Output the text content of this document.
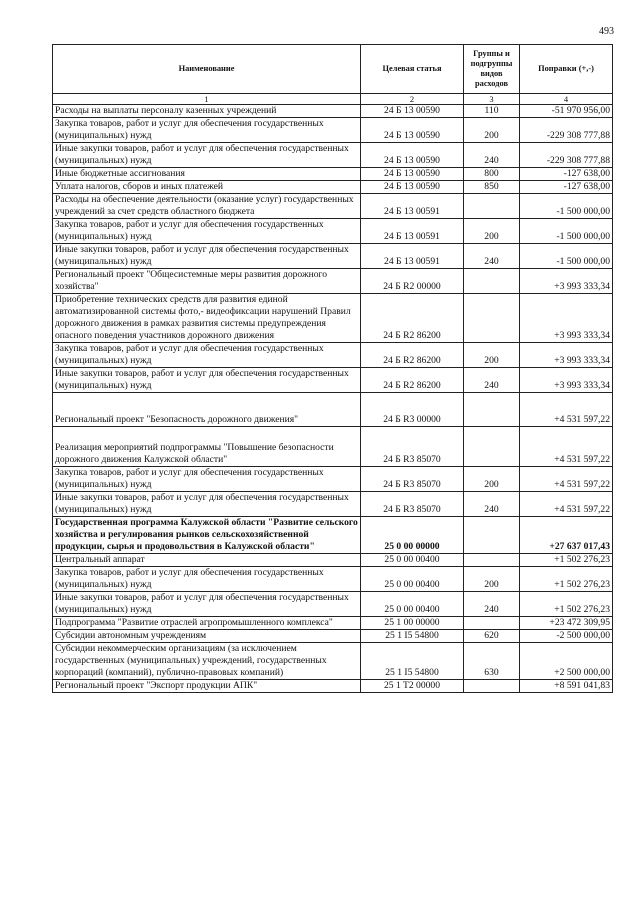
493
Наименование	Целевая статья	Группы и подгруппы видов расходов	Поправки (+,-)
1	2	3	4
Расходы на выплаты персоналу казенных учреждений	24 Б 13 00590	110	-51 970 956,00
Закупка товаров, работ и услуг для обеспечения государственных (муниципальных) нужд	24 Б 13 00590	200	-229 308 777,88
Иные закупки товаров, работ и услуг для обеспечения государственных (муниципальных) нужд	24 Б 13 00590	240	-229 308 777,88
Иные бюджетные ассигнования	24 Б 13 00590	800	-127 638,00
Уплата налогов, сборов и иных платежей	24 Б 13 00590	850	-127 638,00
Расходы на обеспечение деятельности (оказание услуг) государственных учреждений за счет средств областного бюджета	24 Б 13 00591		-1 500 000,00
Закупка товаров, работ и услуг для обеспечения государственных (муниципальных) нужд	24 Б 13 00591	200	-1 500 000,00
Иные закупки товаров, работ и услуг для обеспечения государственных (муниципальных) нужд	24 Б 13 00591	240	-1 500 000,00
Региональный проект "Общесистемные меры развития дорожного хозяйства"	24 Б R2 00000		+3 993 333,34
Приобретение технических средств для развития единой автоматизированной системы фото,- видеофиксации нарушений Правил дорожного движения в рамках развития системы предупреждения опасного поведения участников дорожного движения	24 Б R2 86200		+3 993 333,34
Закупка товаров, работ и услуг для обеспечения государственных (муниципальных) нужд	24 Б R2 86200	200	+3 993 333,34
Иные закупки товаров, работ и услуг для обеспечения государственных (муниципальных) нужд	24 Б R2 86200	240	+3 993 333,34
Региональный проект "Безопасность дорожного движения"	24 Б R3 00000		+4 531 597,22
Реализация мероприятий подпрограммы "Повышение безопасности дорожного движения Калужской области"	24 Б R3 85070		+4 531 597,22
Закупка товаров, работ и услуг для обеспечения государственных (муниципальных) нужд	24 Б R3 85070	200	+4 531 597,22
Иные закупки товаров, работ и услуг для обеспечения государственных (муниципальных) нужд	24 Б R3 85070	240	+4 531 597,22
Государственная программа Калужской области "Развитие сельского хозяйства и регулирования рынков сельскохозяйственной продукции, сырья и продовольствия в Калужской области"	25 0 00 00000		+27 637 017,43
Центральный аппарат	25 0 00 00400		+1 502 276,23
Закупка товаров, работ и услуг для обеспечения государственных (муниципальных) нужд	25 0 00 00400	200	+1 502 276,23
Иные закупки товаров, работ и услуг для обеспечения государственных (муниципальных) нужд	25 0 00 00400	240	+1 502 276,23
Подпрограмма "Развитие отраслей агропромышленного комплекса"	25 1 00 00000		+23 472 309,95
Субсидии автономным учреждениям	25 1 I5 54800	620	-2 500 000,00
Субсидии некоммерческим организациям (за исключением государственных (муниципальных) учреждений, государственных корпораций (компаний), публично-правовых компаний)	25 1 I5 54800	630	+2 500 000,00
Региональный проект "Экспорт продукции АПК"	25 1 T2 00000		+8 591 041,83
